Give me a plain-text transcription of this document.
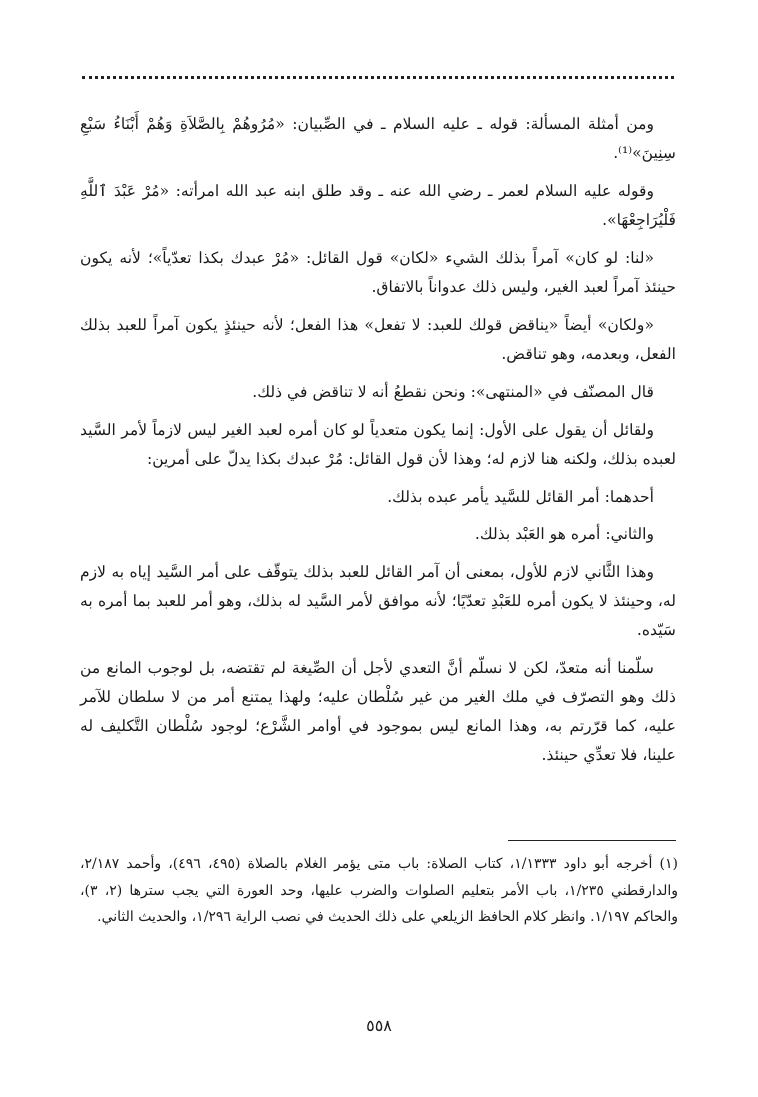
ومن أمثلة المسألة: قوله ـ عليه السلام ـ في الصِّبيان: «مُرُوهُمْ بِالصَّلاَةِ وَهُمْ أَبْنَاءُ سَبْعِ سِنِينَ»⁽¹⁾.

وقوله عليه السلام لعمر ـ رضي الله عنه ـ وقد طلق ابنه عبد الله امرأته: «مُرْ عَبْدَ ٱللَّهِ فَلْيُرَاجِعْهَا».

«لنا: لو كان» آمراً بذلك الشيء «لكان» قول القائل: «مُرْ عبدك بكذا تعدّياً»؛ لأنه يكون حينئذ آمراً لعبد الغير، وليس ذلك عدواناً بالاتفاق.

«ولكان» أيضاً «يناقض قولك للعبد: لا تفعل» هذا الفعل؛ لأنه حينئذٍ يكون آمراً للعبد بذلك الفعل، وبعدمه، وهو تناقض.

قال المصنّف في «المنتهى»: ونحن نقطعُ أنه لا تناقض في ذلك.

ولقائل أن يقول على الأول: إنما يكون متعدياً لو كان أمره لعبد الغير ليس لازماً لأمر السَّيد لعبده بذلك، ولكنه هنا لازم له؛ وهذا لأن قول القائل: مُرْ عبدك بكذا يدلّ على أمرين:

أحدهما: أمر القائل للسَّيد يأمر عبده بذلك.

والثاني: أمره هو العَبْد بذلك.

وهذا الثَّاني لازم للأول، بمعنى أن آمر القائل للعبد بذلك يتوقّف على أمر السَّيد إياه به لازم له، وحينئذ لا يكون أمره للعَبْدِ تعدّيًا؛ لأنه موافق لأمر السَّيد له بذلك، وهو أمر للعبد بما أمره به سَيّده.

سلّمنا أنه متعدّ، لكن لا نسلّم أنَّ التعدي لأجل أن الصِّيغة لم تقتضه، بل لوجوب المانع من ذلك وهو التصرّف في ملك الغير من غير سُلْطان عليه؛ ولهذا يمتنع أمر من لا سلطان للآمر عليه، كما قرّرتم به، وهذا المانع ليس بموجود في أوامر الشَّرْع؛ لوجود سُلْطان التَّكليف له علينا، فلا تعدِّي حينئذ.

(١) أخرجه أبو داود ١/١٣٣٣، كتاب الصلاة: باب متى يؤمر الغلام بالصلاة (٤٩٥، ٤٩٦)، وأحمد ٢/١٨٧، والدارقطني ١/٢٣٥، باب الأمر بتعليم الصلوات والضرب عليها، وحد العورة التي يجب سترها (٢، ٣)، والحاكم ١/١٩٧. وانظر كلام الحافظ الزيلعي على ذلك الحديث في نصب الراية ١/٢٩٦، والحديث الثاني.

٥٥٨
